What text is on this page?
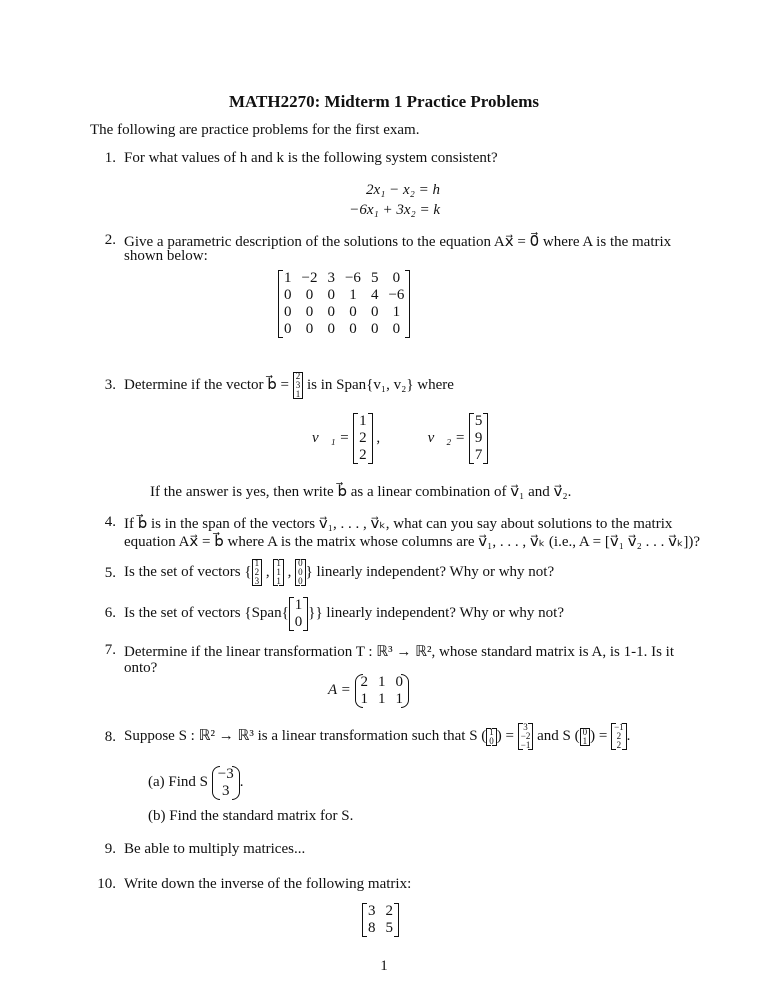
MATH2270: Midterm 1 Practice Problems
The following are practice problems for the first exam.
1. For what values of h and k is the following system consistent?
2x₁ − x₂ = h
−6x₁ + 3x₂ = k
2. Give a parametric description of the solutions to the equation Ax⃗ = 0⃗ where A is the matrix
shown below:
1	−2	3	−6	5	0
0	0	0	1	4	−6
0	0	0	0	0	1
0	0	0	0	0	0
3. Determine if the vector b⃗ = 2
3
1 is in Span{v₁, v₂} where
v⃗₁ = 1
2
2 ,	v⃗₂ = 5
9
7
If the answer is yes, then write b⃗ as a linear combination of v⃗₁ and v⃗₂.
4. If b⃗ is in the span of the vectors v⃗₁, . . . , v⃗ₖ, what can you say about solutions to the matrix
equation Ax⃗ = b⃗ where A is the matrix whose columns are v⃗₁, . . . , v⃗ₖ (i.e., A = [v⃗₁ v⃗₂ . . . v⃗ₖ])?
5. Is the set of vectors {1
2
3 , 1
1
1 , 0
0
0} linearly independent? Why or why not?
6. Is the set of vectors {Span{1
0}} linearly independent? Why or why not?
7. Determine if the linear transformation T : ℝ³ → ℝ², whose standard matrix is A, is 1-1. Is it
onto?
A = 2	1	0
1	1	1
8. Suppose S : ℝ² → ℝ³ is a linear transformation such that S ( 1
0 ) = 3
−2
−1 and S ( 0
1 ) = −1
2
2.
(a) Find S −3
3.
(b) Find the standard matrix for S.
9. Be able to multiply matrices...
10. Write down the inverse of the following matrix:
3	2
8	5
1
